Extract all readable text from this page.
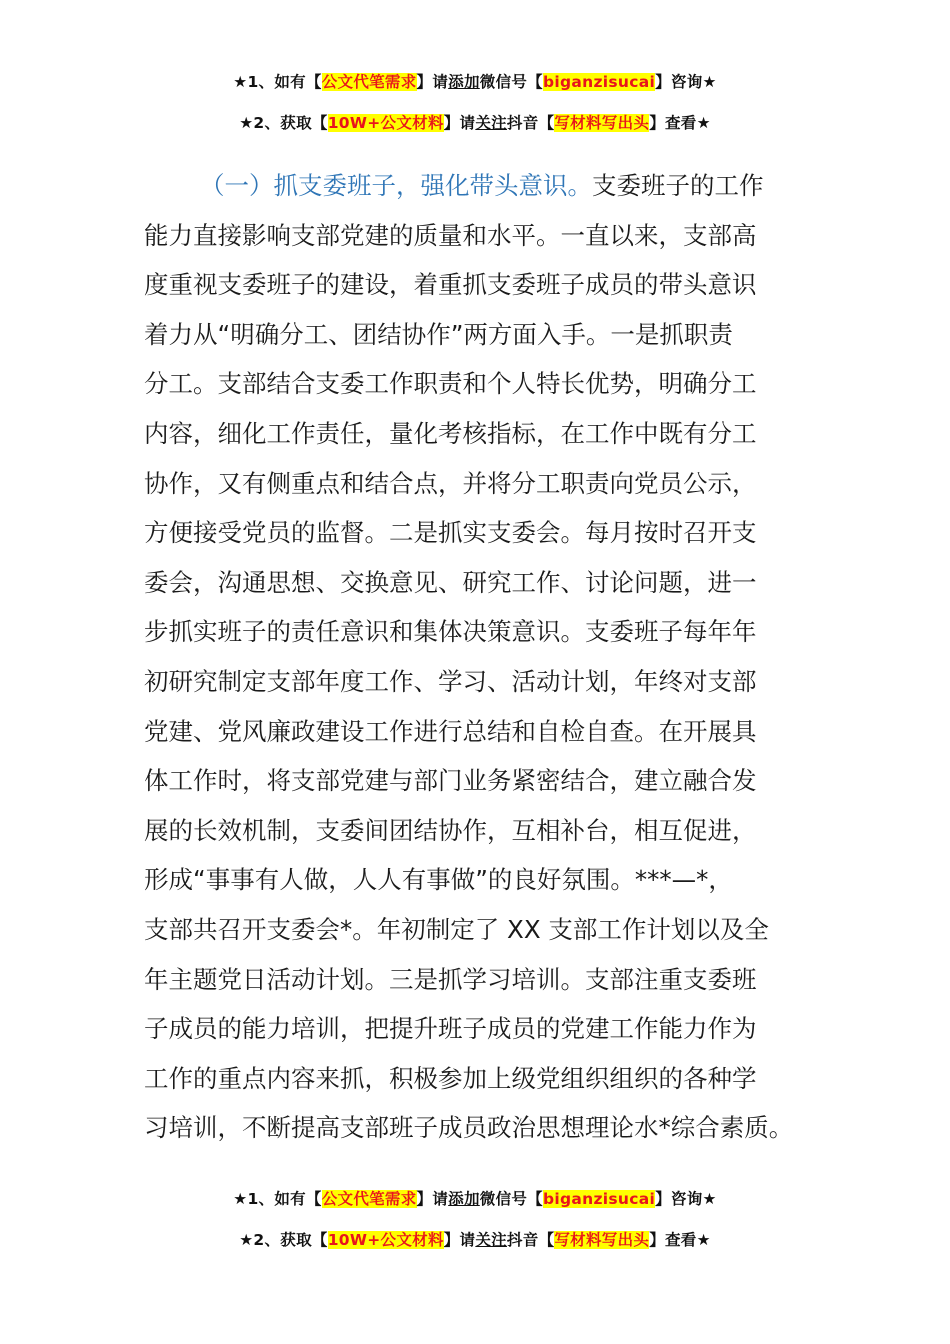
★1、如有【公文代笔需求】请添加微信号【biganzisucai】咨询★
★2、获取【10W+公文材料】请关注抖音【写材料写出头】查看★
（一）抓支委班子，强化带头意识。支委班子的工作
能力直接影响支部党建的质量和水平。一直以来，支部高
度重视支委班子的建设，着重抓支委班子成员的带头意识
着力从“明确分工、团结协作”两方面入手。一是抓职责
分工。支部结合支委工作职责和个人特长优势，明确分工
内容，细化工作责任，量化考核指标，在工作中既有分工
协作，又有侧重点和结合点，并将分工职责向党员公示，
方便接受党员的监督。二是抓实支委会。每月按时召开支
委会，沟通思想、交换意见、研究工作、讨论问题，进一
步抓实班子的责任意识和集体决策意识。支委班子每年年
初研究制定支部年度工作、学习、活动计划，年终对支部
党建、党风廉政建设工作进行总结和自检自查。在开展具
体工作时，将支部党建与部门业务紧密结合，建立融合发
展的长效机制，支委间团结协作，互相补台，相互促进，
形成“事事有人做，人人有事做”的良好氛围。***—*，
支部共召开支委会*。年初制定了 XX 支部工作计划以及全
年主题党日活动计划。三是抓学习培训。支部注重支委班
子成员的能力培训，把提升班子成员的党建工作能力作为
工作的重点内容来抓，积极参加上级党组织组织的各种学
习培训，不断提高支部班子成员政治思想理论水*综合素质。
★1、如有【公文代笔需求】请添加微信号【biganzisucai】咨询★
★2、获取【10W+公文材料】请关注抖音【写材料写出头】查看★
